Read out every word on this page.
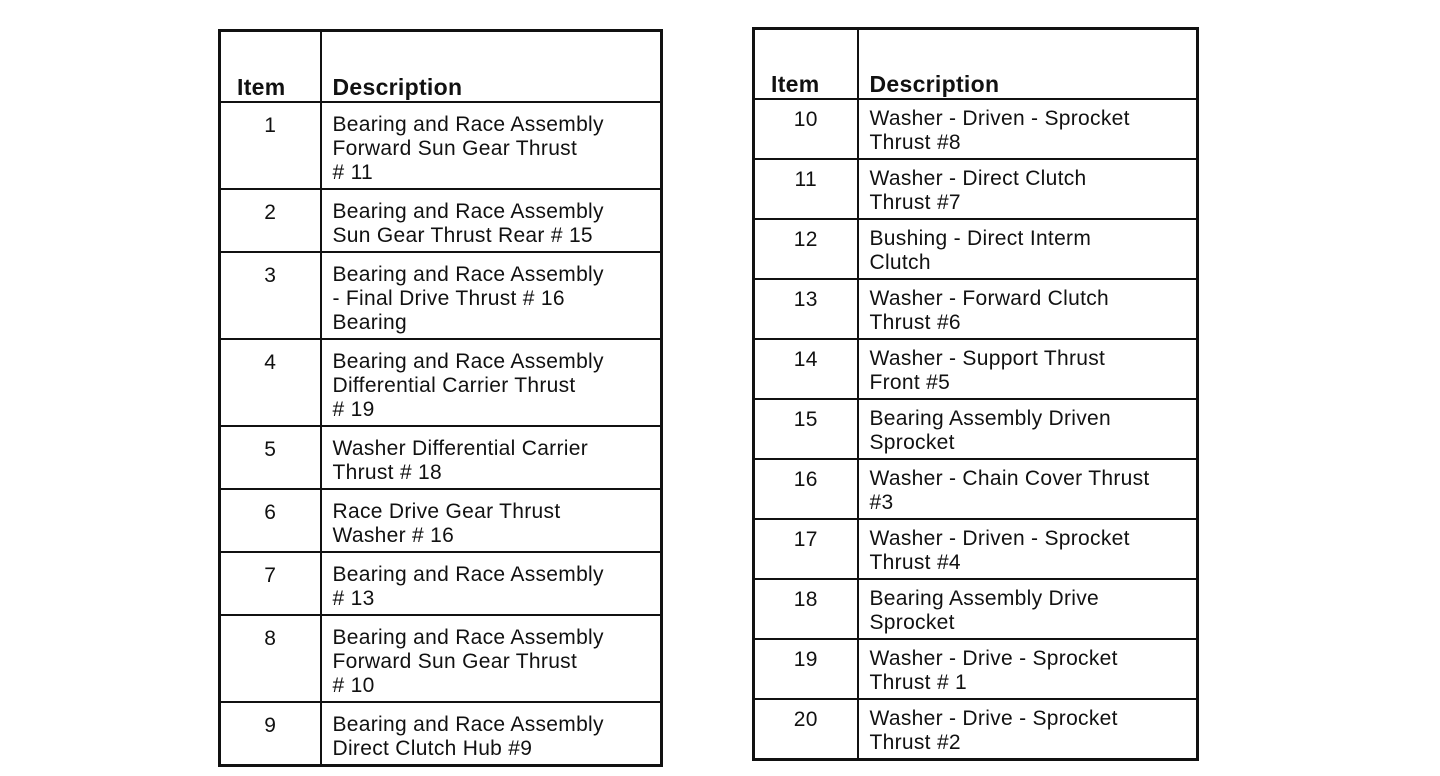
Item	Description
1	Bearing and Race Assembly
Forward Sun Gear Thrust
# 11
2	Bearing and Race Assembly
Sun Gear Thrust Rear # 15
3	Bearing and Race Assembly
- Final Drive Thrust # 16
Bearing
4	Bearing and Race Assembly
Differential Carrier Thrust
# 19
5	Washer Differential Carrier
Thrust # 18
6	Race Drive Gear Thrust
Washer # 16
7	Bearing and Race Assembly
# 13
8	Bearing and Race Assembly
Forward Sun Gear Thrust
# 10
9	Bearing and Race Assembly
Direct Clutch Hub #9
Item	Description
10	Washer - Driven - Sprocket
Thrust #8
11	Washer - Direct Clutch
Thrust #7
12	Bushing - Direct Interm
Clutch
13	Washer - Forward Clutch
Thrust #6
14	Washer - Support Thrust
Front #5
15	Bearing Assembly Driven
Sprocket
16	Washer - Chain Cover Thrust
#3
17	Washer - Driven - Sprocket
Thrust #4
18	Bearing Assembly Drive
Sprocket
19	Washer - Drive - Sprocket
Thrust # 1
20	Washer - Drive - Sprocket
Thrust #2
